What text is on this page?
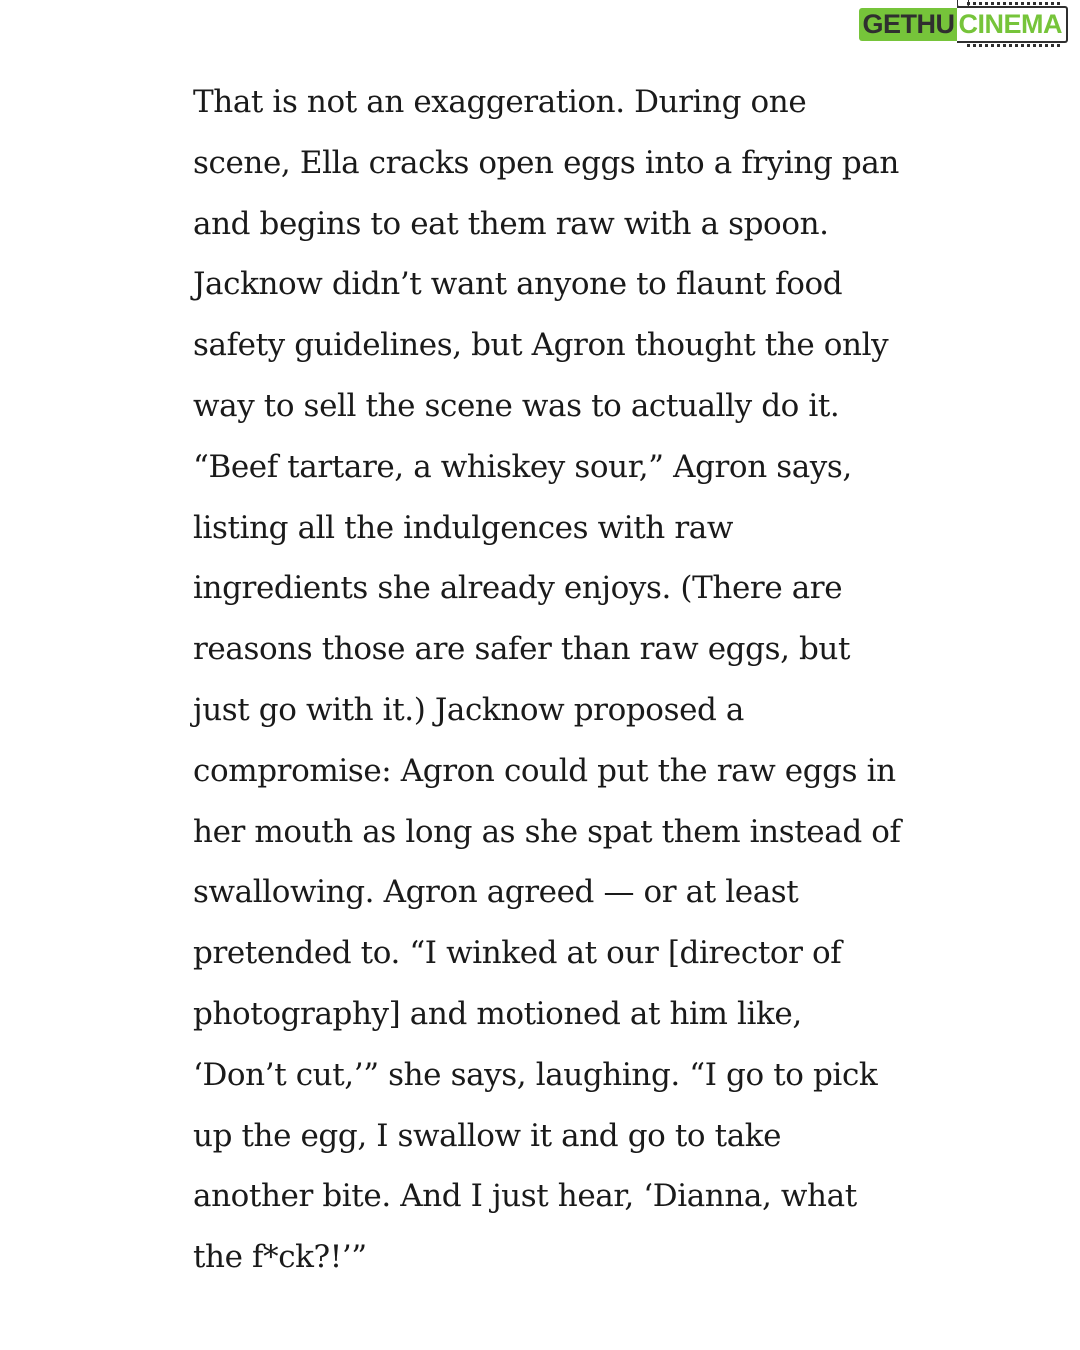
GETHU CINEMA

That is not an exaggeration. During one
scene, Ella cracks open eggs into a frying pan
and begins to eat them raw with a spoon.
Jacknow didn’t want anyone to flaunt food
safety guidelines, but Agron thought the only
way to sell the scene was to actually do it.
“Beef tartare, a whiskey sour,” Agron says,
listing all the indulgences with raw
ingredients she already enjoys. (There are
reasons those are safer than raw eggs, but
just go with it.) Jacknow proposed a
compromise: Agron could put the raw eggs in
her mouth as long as she spat them instead of
swallowing. Agron agreed — or at least
pretended to. “I winked at our [director of
photography] and motioned at him like,
‘Don’t cut,’” she says, laughing. “I go to pick
up the egg, I swallow it and go to take
another bite. And I just hear, ‘Dianna, what
the f*ck?!’”
